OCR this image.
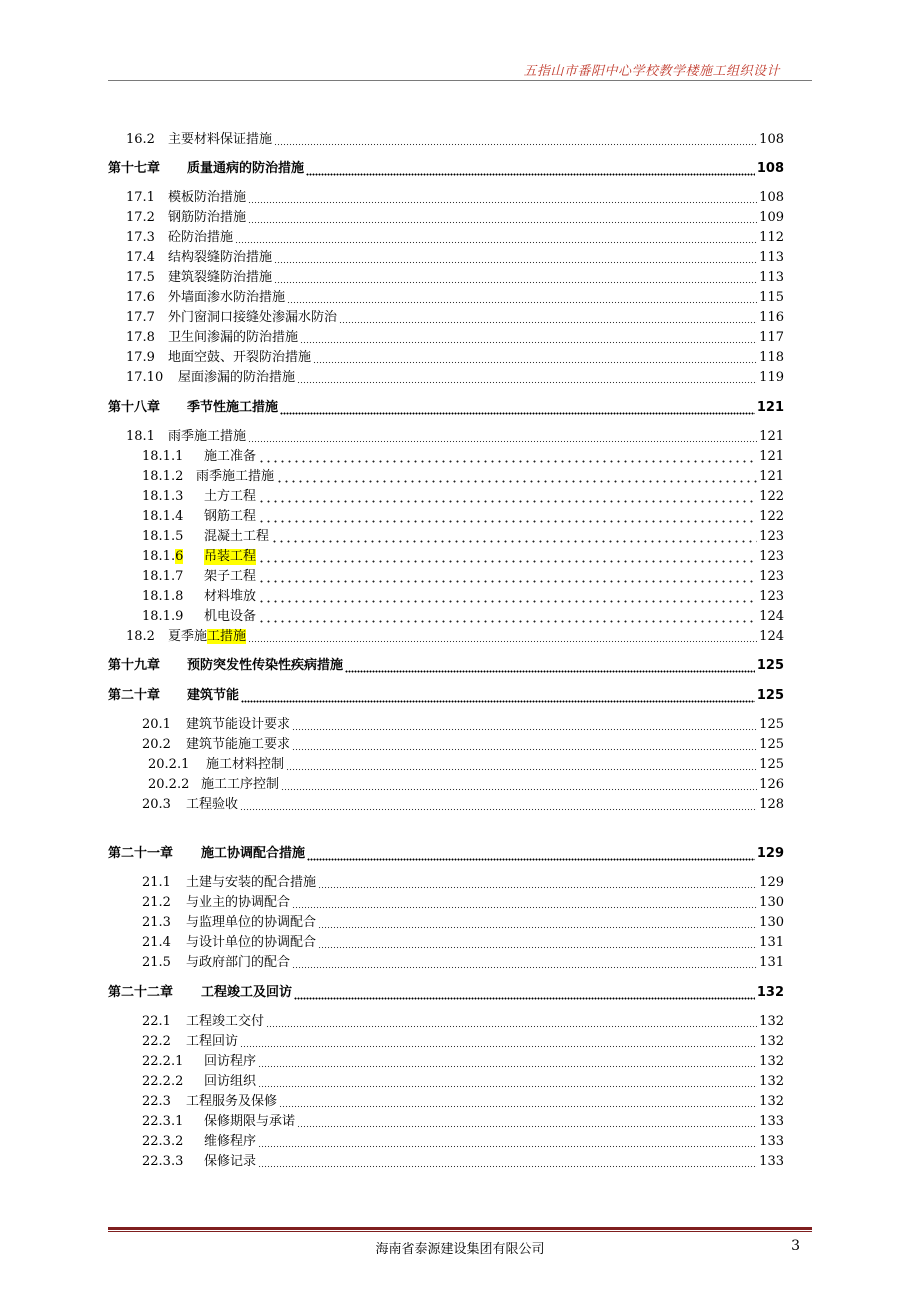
五指山市番阳中心学校教学楼施工组织设计
16.2	主要材料保证措施	108
第十七章	质量通病的防治措施	108
17.1	模板防治措施	108
17.2	钢筋防治措施	109
17.3	砼防治措施	112
17.4	结构裂缝防治措施	113
17.5	建筑裂缝防治措施	113
17.6	外墙面渗水防治措施	115
17.7	外门窗洞口接缝处渗漏水防治	116
17.8	卫生间渗漏的防治措施	117
17.9	地面空鼓、开裂防治措施	118
17.10	屋面渗漏的防治措施	119
第十八章	季节性施工措施	121
18.1	雨季施工措施	121
18.1.1	施工准备	121
18.1.2 雨季施工措施	121
18.1.3	土方工程	122
18.1.4	钢筋工程	122
18.1.5	混凝土工程	123
18.1.6	吊装工程	123
18.1.7	架子工程	123
18.1.8	材料堆放	123
18.1.9	机电设备	124
18.2	夏季施工措施	124
第十九章	预防突发性传染性疾病措施	125
第二十章	建筑节能	125
20.1	建筑节能设计要求	125
20.2	建筑节能施工要求	125
20.2.1	施工材料控制	125
20.2.2 施工工序控制	126
20.3	工程验收	128
第二十一章	施工协调配合措施	129
21.1	土建与安装的配合措施	129
21.2	与业主的协调配合	130
21.3	与监理单位的协调配合	130
21.4	与设计单位的协调配合	131
21.5	与政府部门的配合	131
第二十二章	工程竣工及回访	132
22.1	工程竣工交付	132
22.2	工程回访	132
22.2.1	回访程序	132
22.2.2	回访组织	132
22.3	工程服务及保修	132
22.3.1	保修期限与承诺	133
22.3.2	维修程序	133
22.3.3	保修记录	133
海南省泰源建设集团有限公司	3
